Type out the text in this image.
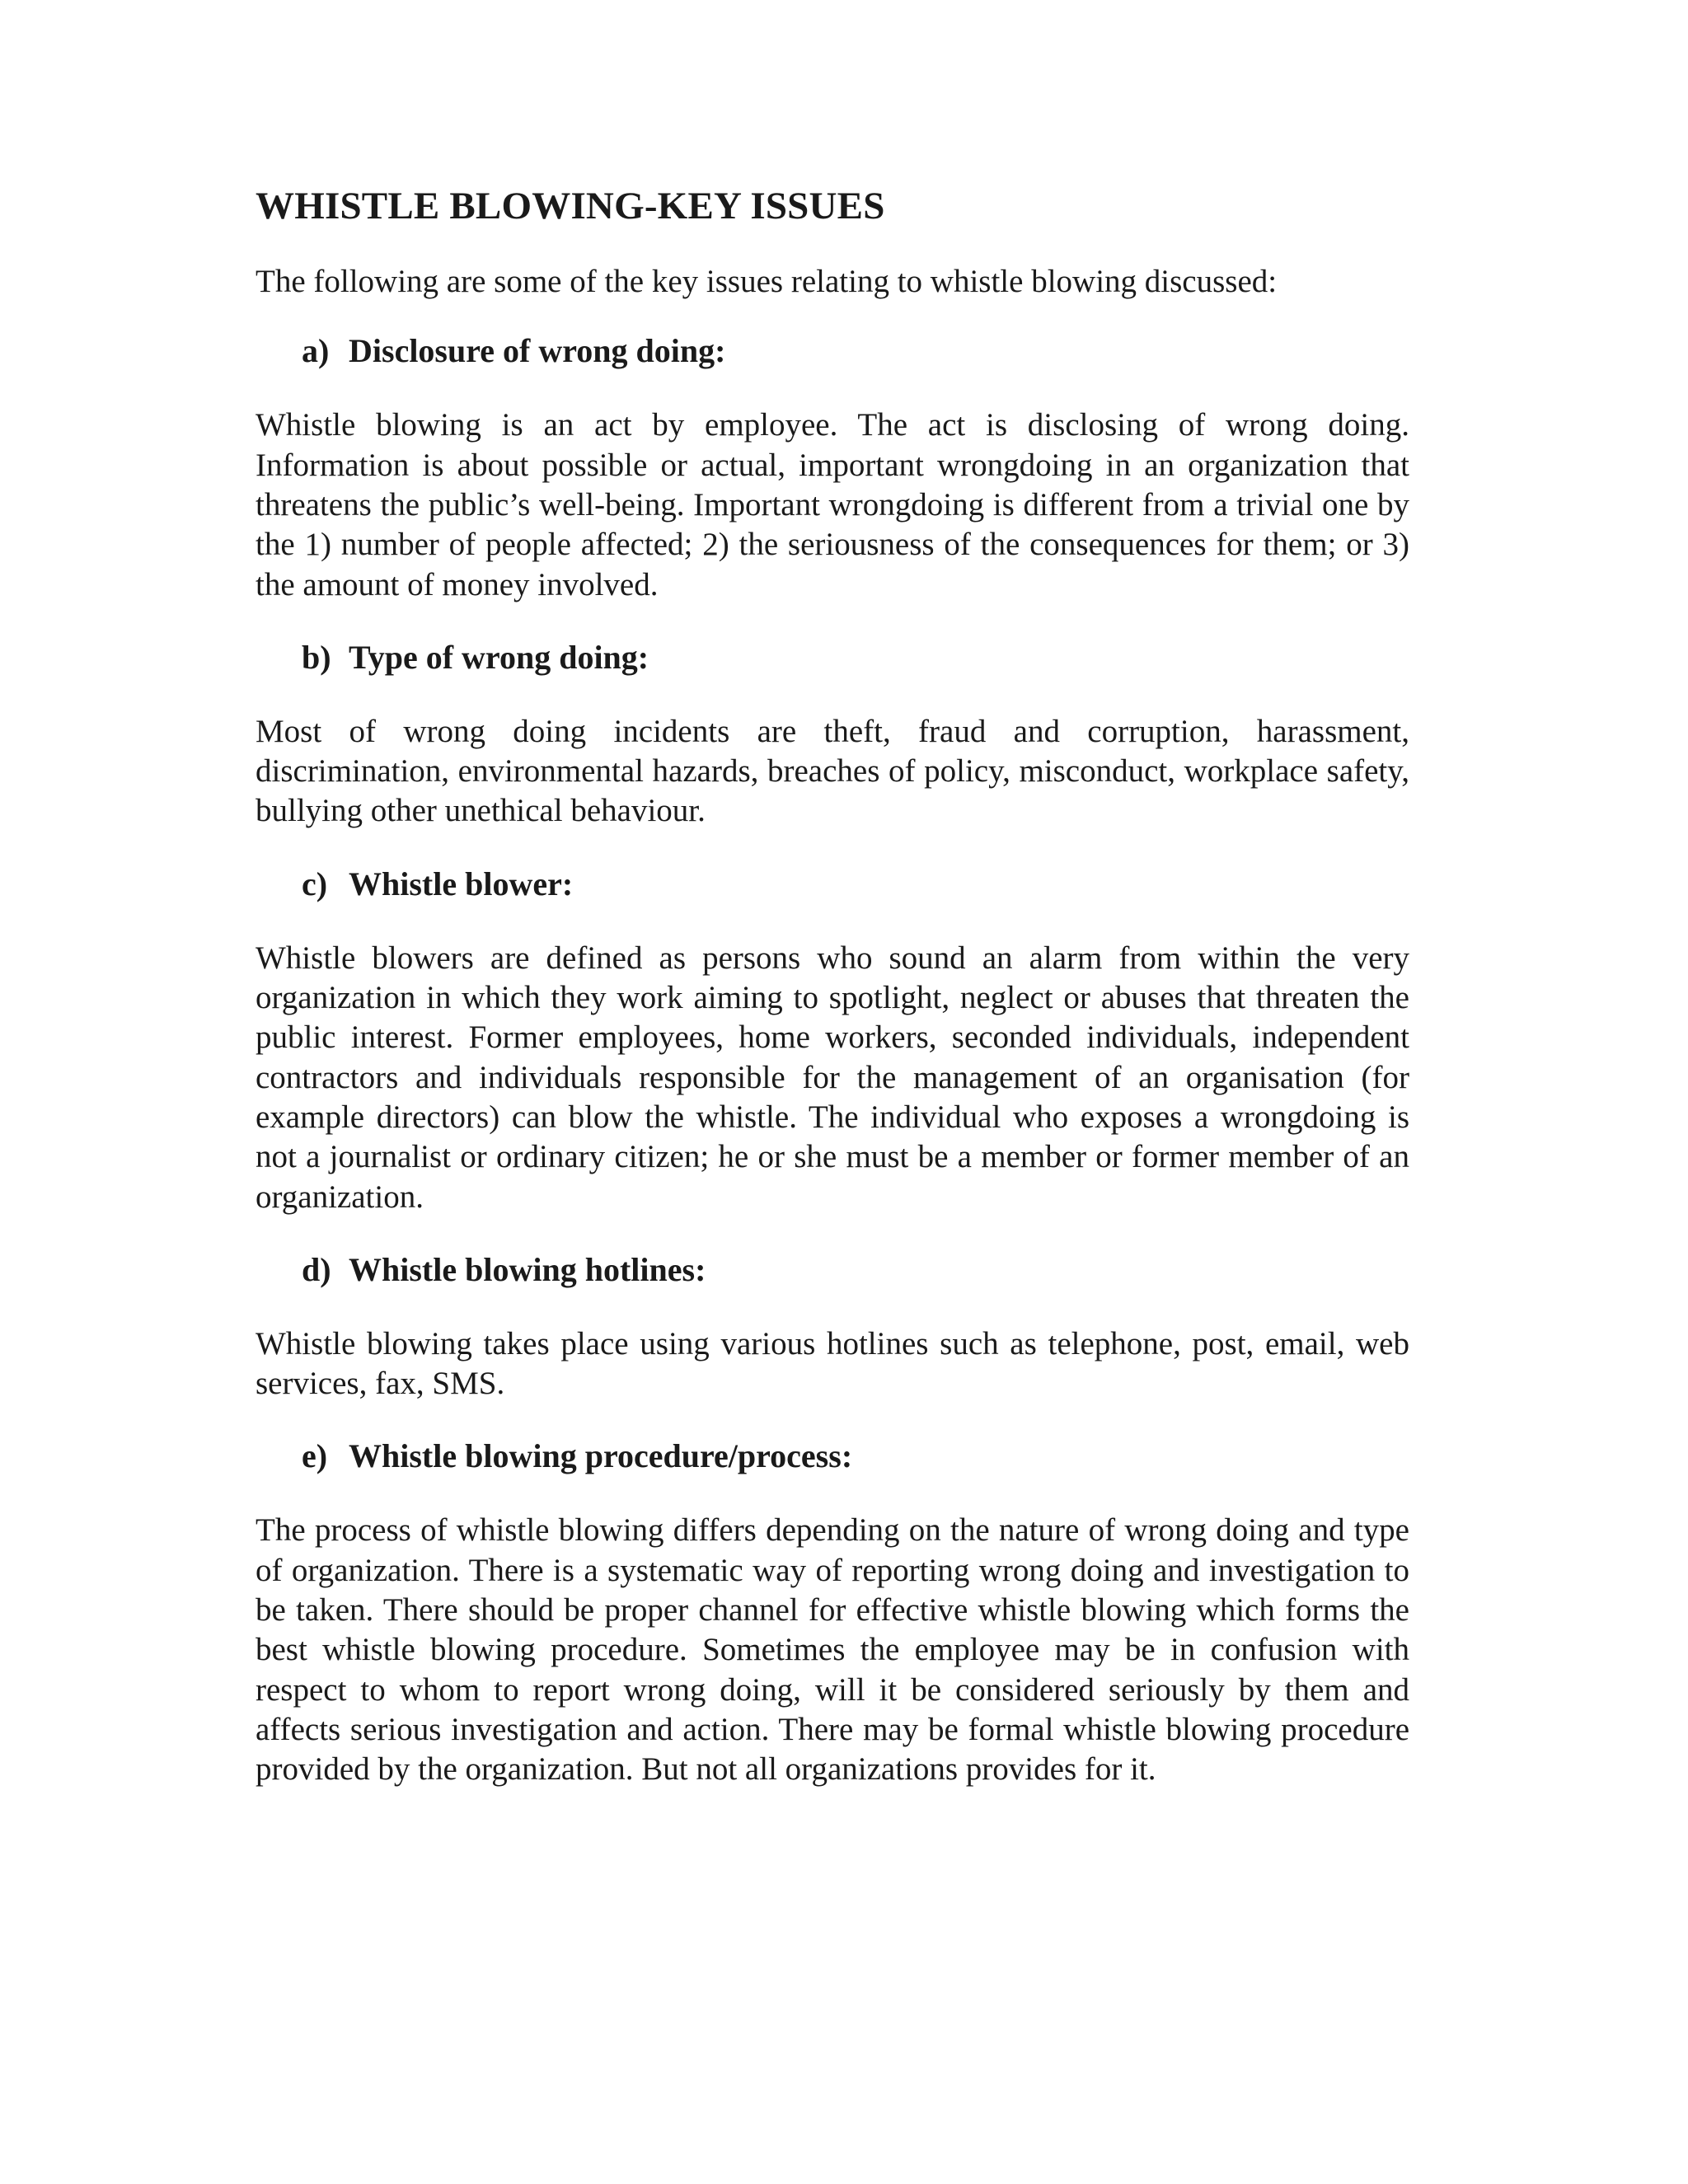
WHISTLE BLOWING-KEY ISSUES

The following are some of the key issues relating to whistle blowing discussed:

a) Disclosure of wrong doing:

Whistle blowing is an act by employee. The act is disclosing of wrong doing. Information is about possible or actual, important wrongdoing in an organization that threatens the public’s well-being. Important wrongdoing is different from a trivial one by the 1) number of people affected; 2) the seriousness of the consequences for them; or 3) the amount of money involved.

b) Type of wrong doing:

Most of wrong doing incidents are theft, fraud and corruption, harassment, discrimination, environmental hazards, breaches of policy, misconduct, workplace safety, bullying other unethical behaviour.

c) Whistle blower:

Whistle blowers are defined as persons who sound an alarm from within the very organization in which they work aiming to spotlight, neglect or abuses that threaten the public interest. Former employees, home workers, seconded individuals, independent contractors and individuals responsible for the management of an organisation (for example directors) can blow the whistle. The individual who exposes a wrongdoing is not a journalist or ordinary citizen; he or she must be a member or former member of an organization.

d) Whistle blowing hotlines:

Whistle blowing takes place using various hotlines such as telephone, post, email, web services, fax, SMS.

e) Whistle blowing procedure/process:

The process of whistle blowing differs depending on the nature of wrong doing and type of organization. There is a systematic way of reporting wrong doing and investigation to be taken. There should be proper channel for effective whistle blowing which forms the best whistle blowing procedure. Sometimes the employee may be in confusion with respect to whom to report wrong doing, will it be considered seriously by them and affects serious investigation and action. There may be formal whistle blowing procedure provided by the organization. But not all organizations provides for it.
